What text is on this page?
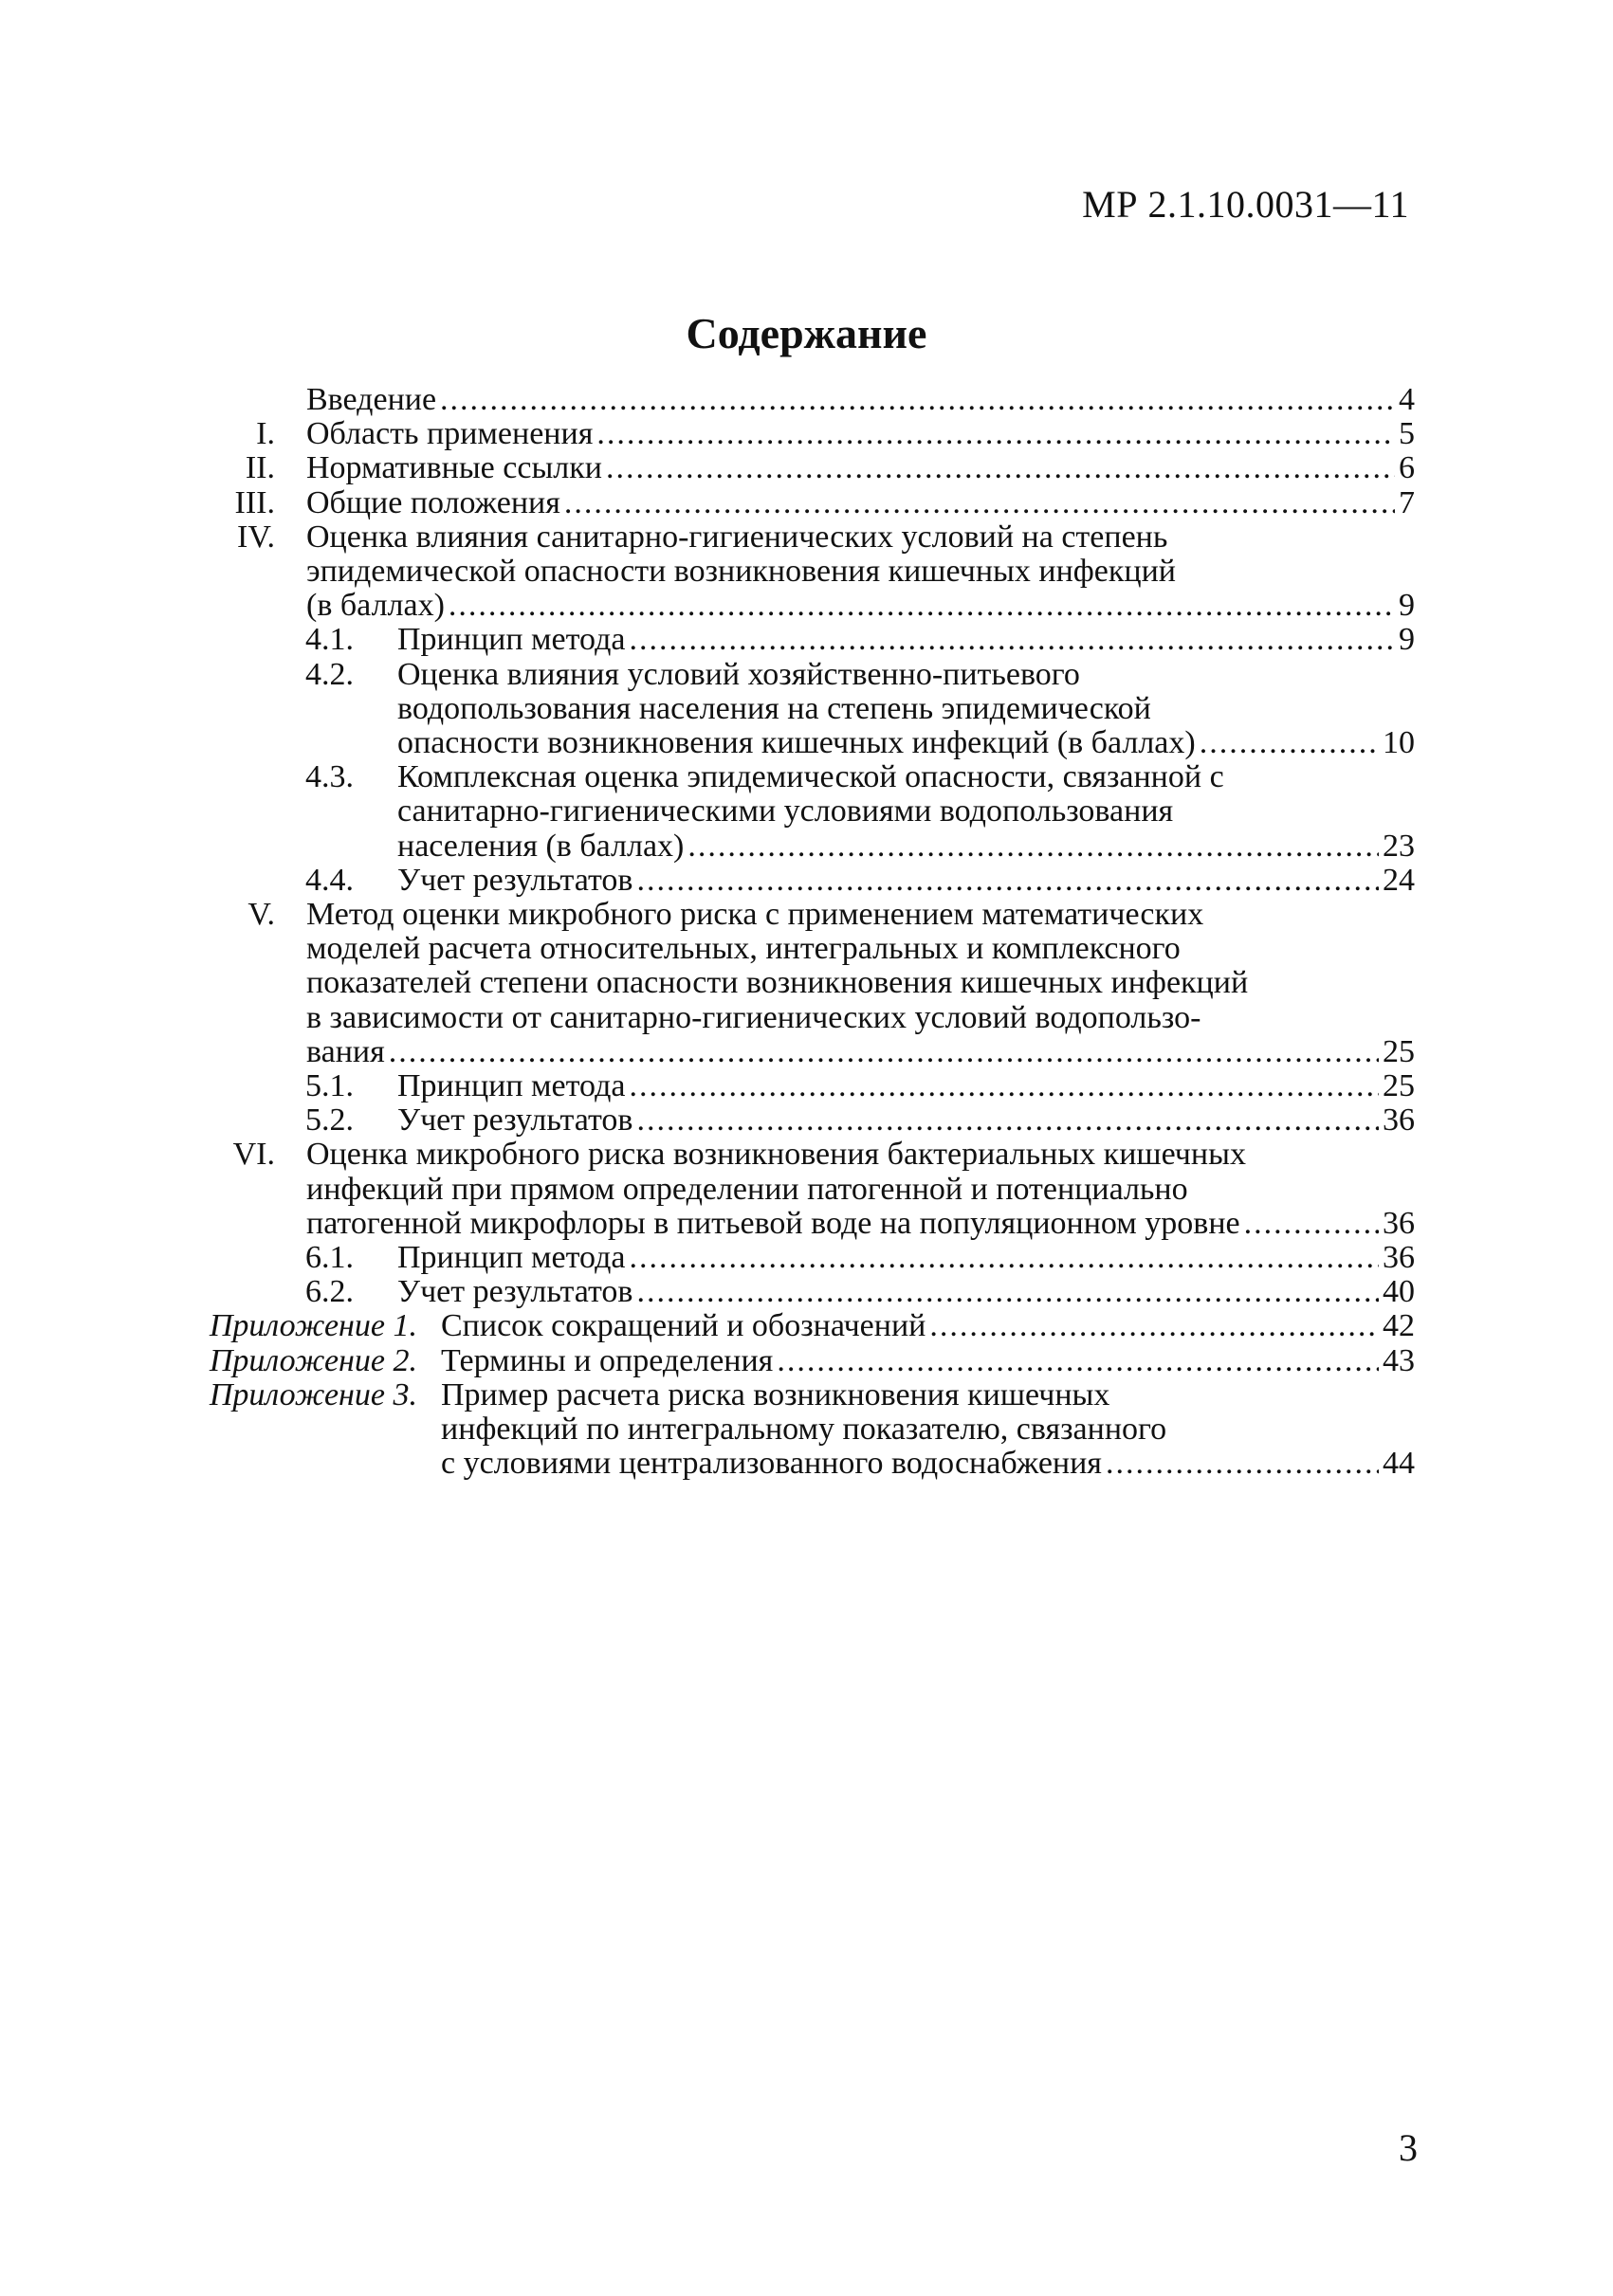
МР 2.1.10.0031—11
Содержание
Введение .....	4
I. Область применения .....	5
II. Нормативные ссылки .....	6
III. Общие положения .....	7
IV. Оценка влияния санитарно-гигиенических условий на степень
эпидемической опасности возникновения кишечных инфекций
(в баллах) .....	9
4.1. Принцип метода .....	9
4.2. Оценка влияния условий хозяйственно-питьевого
водопользования населения на степень эпидемической
опасности возникновения кишечных инфекций (в баллах) .....	10
4.3. Комплексная оценка эпидемической опасности, связанной с
санитарно-гигиеническими условиями водопользования
населения (в баллах) .....	23
4.4. Учет результатов .....	24
V. Метод оценки микробного риска с применением математических
моделей расчета относительных, интегральных и комплексного
показателей степени опасности возникновения кишечных инфекций
в зависимости от санитарно-гигиенических условий водопользо-
вания .....	25
5.1. Принцип метода .....	25
5.2. Учет результатов .....	36
VI. Оценка микробного риска возникновения бактериальных кишечных
инфекций при прямом определении патогенной и потенциально
патогенной микрофлоры в питьевой воде на популяционном уровне .....	36
6.1. Принцип метода .....	36
6.2. Учет результатов .....	40
Приложение 1. Список сокращений и обозначений .....	42
Приложение 2. Термины и определения .....	43
Приложение 3. Пример расчета риска возникновения кишечных
инфекций по интегральному показателю, связанного
с условиями централизованного водоснабжения .....	44
3
